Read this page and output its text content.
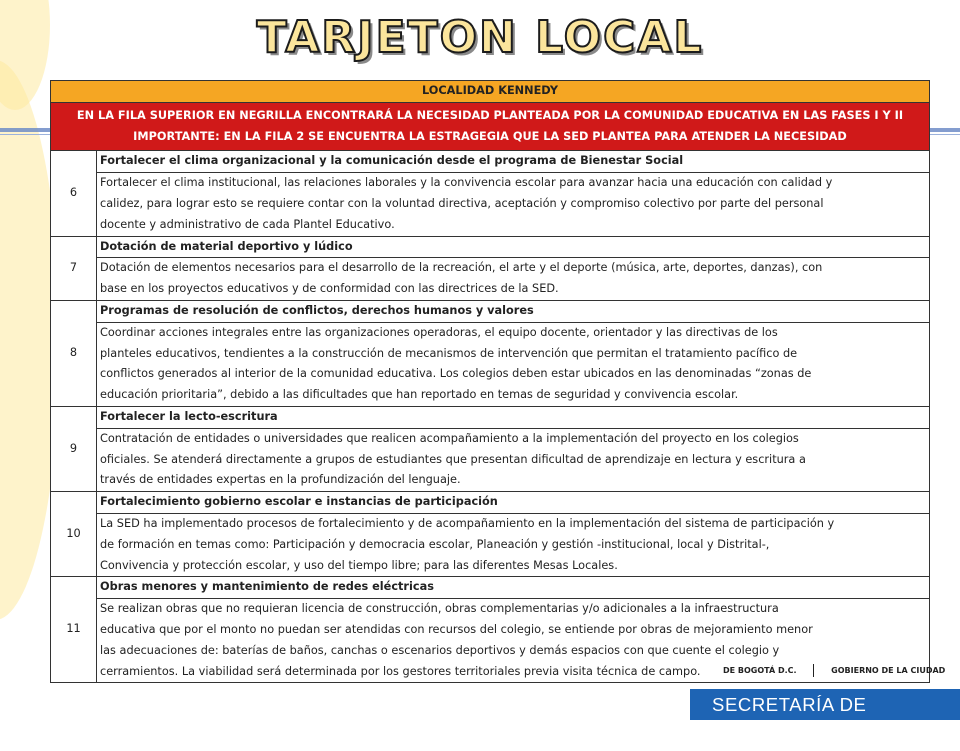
TARJETON LOCAL
LOCALIDAD KENNEDY	

EN LA FILA SUPERIOR EN NEGRILLA ENCONTRARÁ LA NECESIDAD PLANTEADA POR LA COMUNIDAD EDUCATIVA EN LAS FASES I Y II
IMPORTANTE: EN LA FILA 2 SE ENCUENTRA LA ESTRAGEGIA QUE LA SED PLANTEA PARA ATENDER LA NECESIDAD	

6	Fortalecer el clima organizacional y la comunicación desde el programa de Bienestar Social

	Fortalecer el clima institucional, las relaciones laborales y la convivencia escolar para avanzar hacia una educación con calidad y
calidez, para lograr esto se requiere contar con la voluntad directiva, aceptación y compromiso colectivo por parte del personal
docente y administrativo de cada Plantel Educativo.

7	Dotación de material deportivo y lúdico

	Dotación de elementos necesarios para el desarrollo de la recreación, el arte y el deporte (música, arte, deportes, danzas), con
base en los proyectos educativos y de conformidad con las directrices de la SED.

8	Programas de resolución de conflictos, derechos humanos y valores

	Coordinar acciones integrales entre las organizaciones operadoras, el equipo docente, orientador y las directivas de los
planteles educativos, tendientes a la construcción de mecanismos de intervención que permitan el tratamiento pacífico de
conflictos generados al interior de la comunidad educativa. Los colegios deben estar ubicados en las denominadas “zonas de
educación prioritaria”, debido a las dificultades que han reportado en temas de seguridad y convivencia escolar.

9	Fortalecer la lecto-escritura

	Contratación de entidades o universidades que realicen acompañamiento a la implementación del proyecto en los colegios
oficiales. Se atenderá directamente a grupos de estudiantes que presentan dificultad de aprendizaje en lectura y escritura a
través de entidades expertas en la profundización del lenguaje.

10	Fortalecimiento gobierno escolar e instancias de participación

	La SED ha implementado procesos de fortalecimiento y de acompañamiento en la implementación del sistema de participación y
de formación en temas como: Participación y democracia escolar, Planeación y gestión -institucional, local y Distrital-,
Convivencia y protección escolar, y uso del tiempo libre; para las diferentes Mesas Locales.

11	Obras menores y mantenimiento de redes eléctricas

	Se realizan obras que no requieran licencia de construcción, obras complementarias y/o adicionales a la infraestructura
educativa que por el monto no puedan ser atendidas con recursos del colegio, se entiende por obras de mejoramiento menor
las adecuaciones de: baterías de baños, canchas o escenarios deportivos y demás espacios con que cuente el colegio y
cerramientos. La viabilidad será determinada por los gestores territoriales previa visita técnica de campo.	DE BOGOTÁ D.C.	GOBIERNO DE LA CIUDAD
SECRETARÍA DE EDUCACIÓN
